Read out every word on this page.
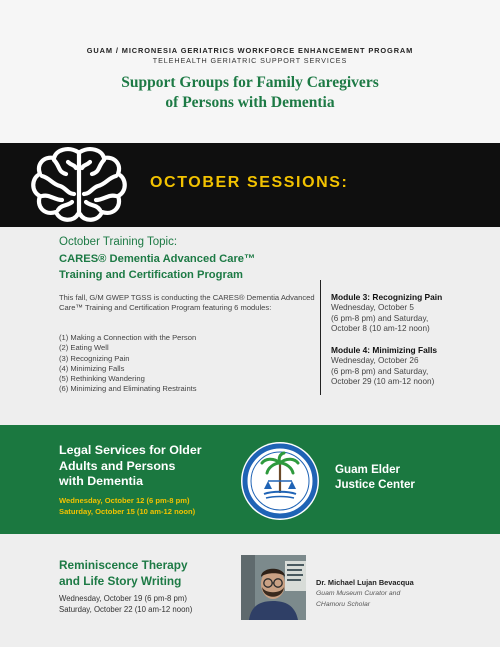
GUAM / MICRONESIA GERIATRICS WORKFORCE ENHANCEMENT PROGRAM
TELEHEALTH GERIATRIC SUPPORT SERVICES
Support Groups for Family Caregivers
of Persons with Dementia
OCTOBER SESSIONS:
October Training Topic:
CARES® Dementia Advanced Care™
Training and Certification Program
This fall, G/M GWEP TGSS is conducting the CARES® Dementia Advanced Care™ Training and Certification Program featuring 6 modules:
(1) Making a Connection with the Person
(2) Eating Well
(3) Recognizing Pain
(4) Minimizing Falls
(5) Rethinking Wandering
(6) Minimizing and Eliminating Restraints
Module 3: Recognizing Pain
Wednesday, October 5
(6 pm-8 pm) and Saturday,
October 8 (10 am-12 noon)
Module 4: Minimizing Falls
Wednesday, October 26
(6 pm-8 pm) and Saturday,
October 29 (10 am-12 noon)
Legal Services for Older
Adults and Persons
with Dementia
Wednesday, October 12 (6 pm-8 pm)
Saturday, October 15 (10 am-12 noon)
Guam Elder
Justice Center
Reminiscence Therapy
and Life Story Writing
Wednesday, October 19 (6 pm-8 pm)
Saturday, October 22 (10 am-12 noon)
Dr. Michael Lujan Bevacqua
Guam Museum Curator and
CHamoru Scholar
